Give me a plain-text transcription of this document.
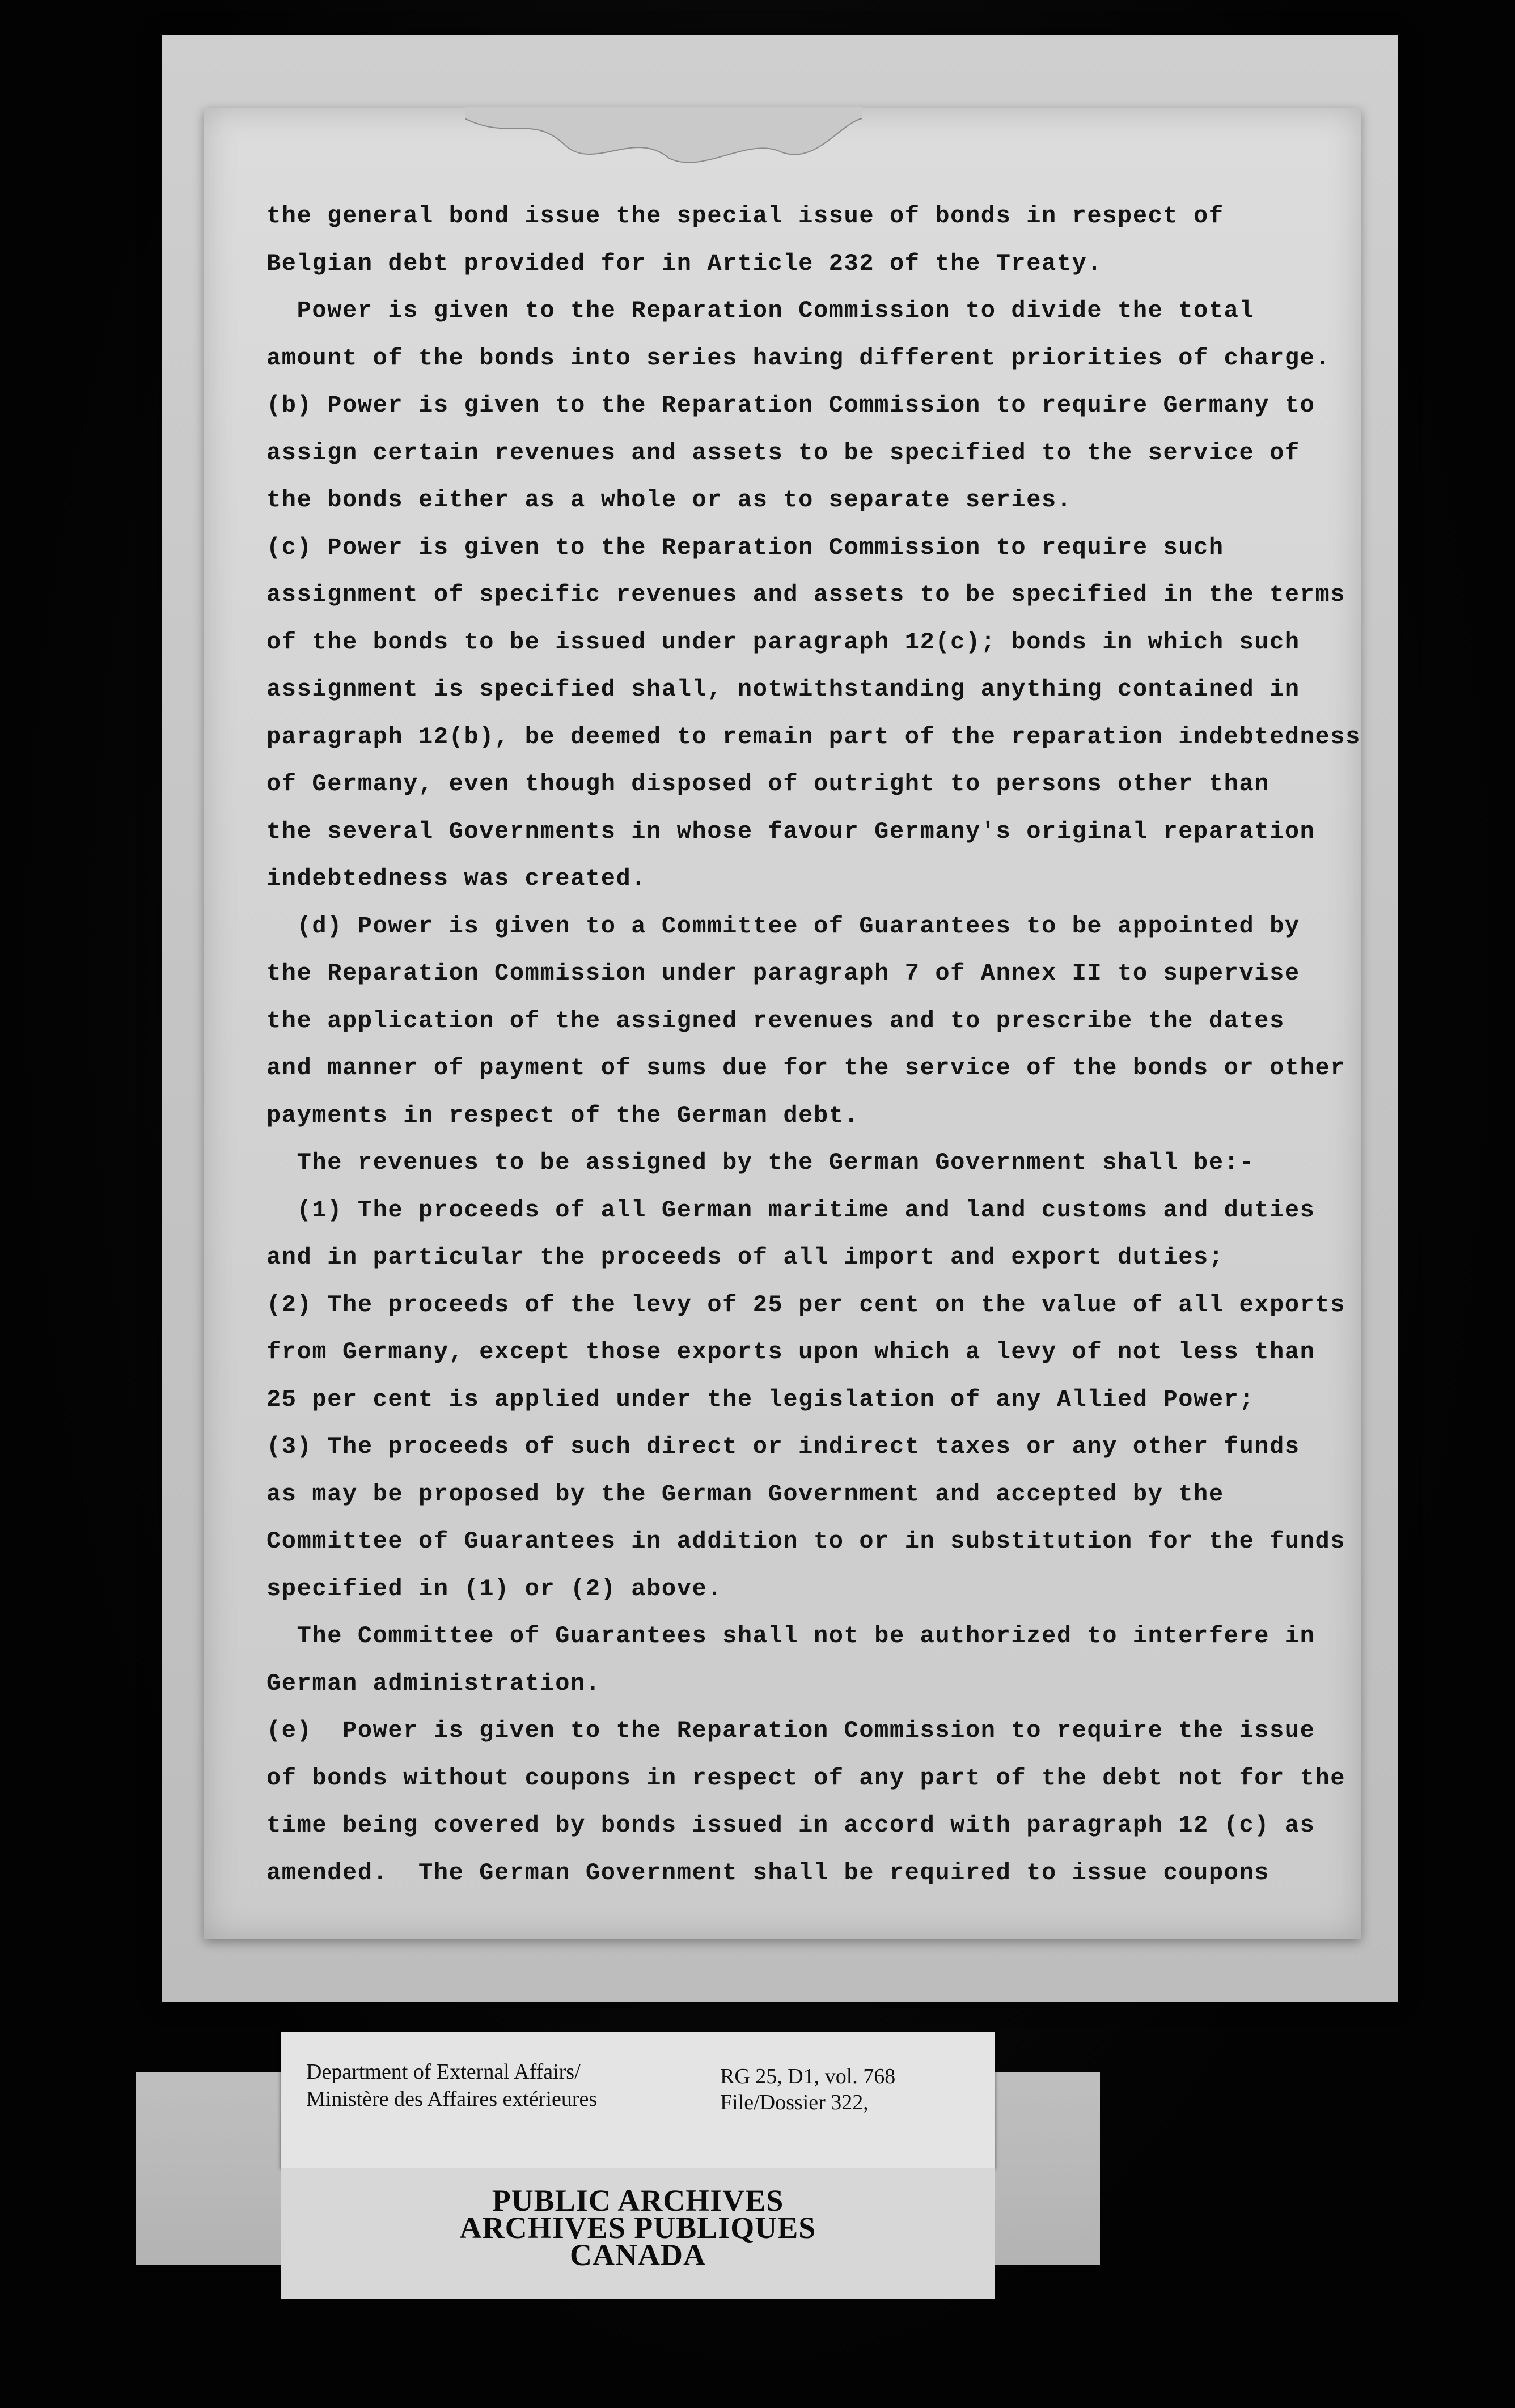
the general bond issue the special issue of bonds in respect of
Belgian debt provided for in Article 232 of the Treaty.
Power is given to the Reparation Commission to divide the total
amount of the bonds into series having different priorities of charge.
(b) Power is given to the Reparation Commission to require Germany to
assign certain revenues and assets to be specified to the service of
the bonds either as a whole or as to separate series.
(c) Power is given to the Reparation Commission to require such
assignment of specific revenues and assets to be specified in the terms
of the bonds to be issued under paragraph 12(c); bonds in which such
assignment is specified shall, notwithstanding anything contained in
paragraph 12(b), be deemed to remain part of the reparation indebtedness
of Germany, even though disposed of outright to persons other than
the several Governments in whose favour Germany's original reparation
indebtedness was created.
(d) Power is given to a Committee of Guarantees to be appointed by
the Reparation Commission under paragraph 7 of Annex II to supervise
the application of the assigned revenues and to prescribe the dates
and manner of payment of sums due for the service of the bonds or other
payments in respect of the German debt.
The revenues to be assigned by the German Government shall be:-
(1) The proceeds of all German maritime and land customs and duties
and in particular the proceeds of all import and export duties;
(2) The proceeds of the levy of 25 per cent on the value of all exports
from Germany, except those exports upon which a levy of not less than
25 per cent is applied under the legislation of any Allied Power;
(3) The proceeds of such direct or indirect taxes or any other funds
as may be proposed by the German Government and accepted by the
Committee of Guarantees in addition to or in substitution for the funds
specified in (1) or (2) above.
The Committee of Guarantees shall not be authorized to interfere in
German administration.
(e)  Power is given to the Reparation Commission to require the issue
of bonds without coupons in respect of any part of the debt not for the
time being covered by bonds issued in accord with paragraph 12 (c) as
amended.  The German Government shall be required to issue coupons
Department of External Affairs/
Ministère des Affaires extérieures
RG 25, D1, vol. 768
File/Dossier 322,
PUBLIC ARCHIVES
ARCHIVES PUBLIQUES
CANADA
